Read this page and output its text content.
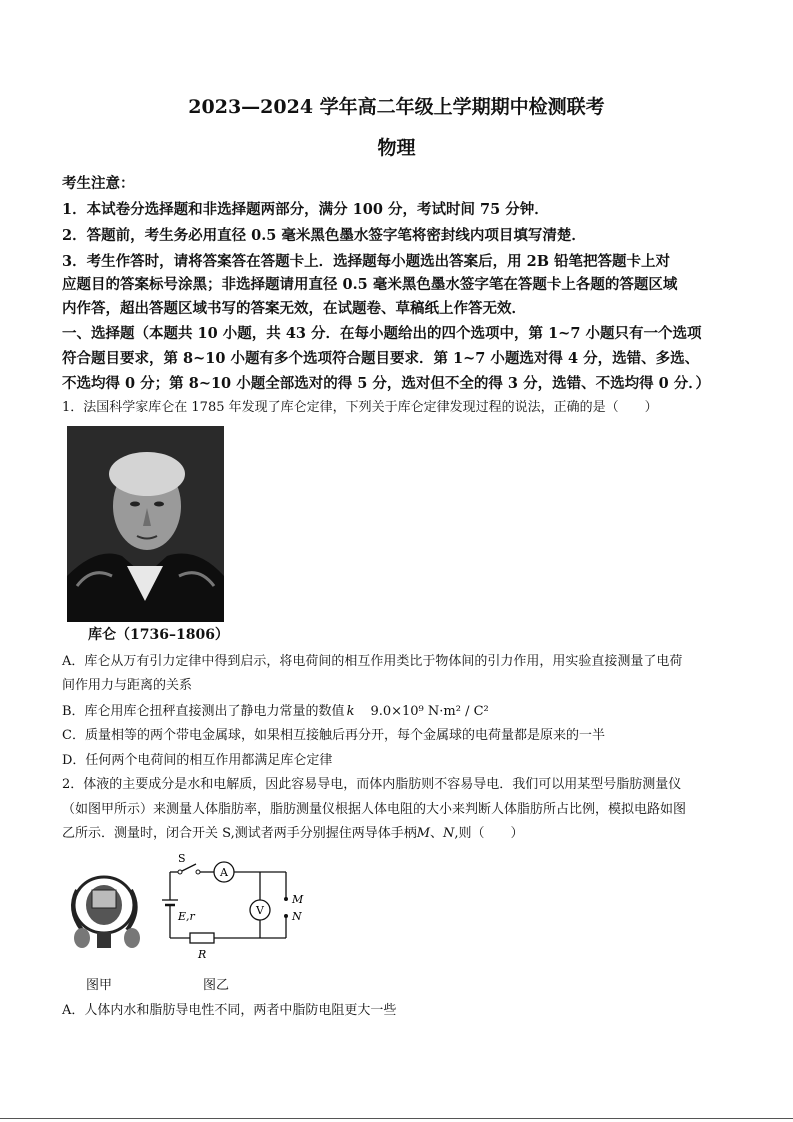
2023—2024 学年高二年级上学期期中检测联考
物理
考生注意：
1．本试卷分选择题和非选择题两部分，满分 100 分，考试时间 75 分钟．
2．答题前，考生务必用直径 0.5 毫米黑色墨水签字笔将密封线内项目填写清楚．
3．考生作答时，请将答案答在答题卡上．选择题每小题选出答案后，用 2B 铅笔把答题卡上对
应题目的答案标号涂黑；非选择题请用直径 0.5 毫米黑色墨水签字笔在答题卡上各题的答题区域
内作答，超出答题区域书写的答案无效，在试题卷、草稿纸上作答无效．
一、选择题（本题共 10 小题，共 43 分．在每小题给出的四个选项中，第 1~7 小题只有一个选项
符合题目要求，第 8~10 小题有多个选项符合题目要求．第 1~7 小题选对得 4 分，选错、多选、
不选均得 0 分；第 8~10 小题全部选对的得 5 分，选对但不全的得 3 分，选错、不选均得 0 分．）
1．法国科学家库仑在 1785 年发现了库仑定律，下列关于库仑定律发现过程的说法，正确的是（　　）
库仑（1736–1806）
A．库仑从万有引力定律中得到启示，将电荷间的相互作用类比于物体间的引力作用，用实验直接测量了电荷
间作用力与距离的关系
B．库仑用库仑扭秤直接测出了静电力常量的数值 k 9.0×10⁹ N·m² / C²
C．质量相等的两个带电金属球，如果相互接触后再分开，每个金属球的电荷量都是原来的一半
D．任何两个电荷间的相互作用都满足库仑定律
2．体液的主要成分是水和电解质，因此容易导电，而体内脂肪则不容易导电．我们可以用某型号脂肪测量仪
（如图甲所示）来测量人体脂肪率，脂肪测量仪根据人体电阻的大小来判断人体脂肪所占比例，模拟电路如图
乙所示．测量时，闭合开关 S,测试者两手分别握住两导体手柄M、N,则（　　）
S
A
V
E,r
R
M
N
图甲	图乙
A．人体内水和脂肪导电性不同，两者中脂防电阻更大一些
